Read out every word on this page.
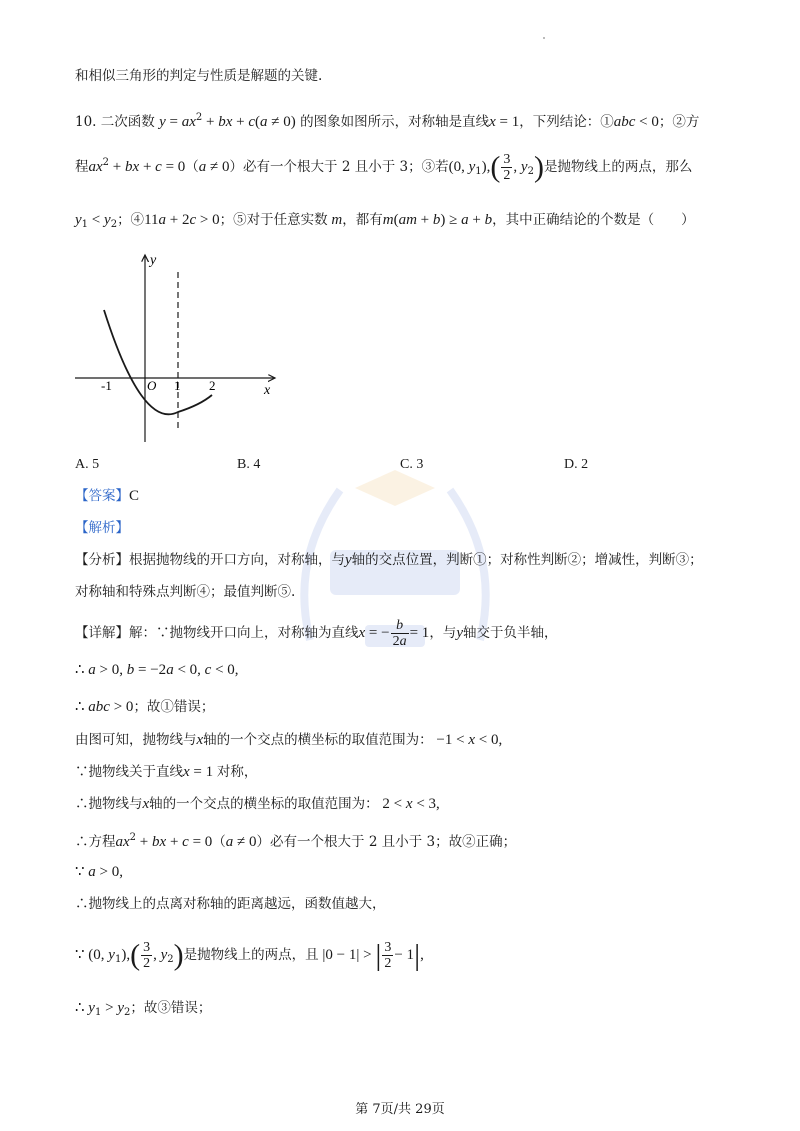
和相似三角形的判定与性质是解题的关键.
10. 二次函数 $y = ax^2$ + bx + c(a ≠ 0) 的图象如图所示，对称轴是直线x = 1，下列结论：①abc < 0；②方
程$ax^2$ + bx + c = 0（a ≠ 0）必有一个根大于 2 且小于 3；③若(0, $y_1),( \frac{3}{2}$ , $y_2$)是抛物线上的两点，那么
$y_1 < y_2$；④11a + 2c > 0；⑤对于任意实数 m，都有m(am + b) ≥ a + b，其中正确结论的个数是（　　）
y
x
O
-1	1 2
A. 5	B. 4	C. 3	D. 2
【答案】C
【解析】
【分析】根据抛物线的开口方向，对称轴，与y轴的交点位置，判断①；对称性判断②；增减性，判断③；
对称轴和特殊点判断④；最值判断⑤.
【详解】解：∵抛物线开口向上，对称轴为直线x = − $\frac{b}{2a} = 1$，与y轴交于负半轴，
∴ a > 0, b = −2a < 0, c < 0,
∴ abc > 0；故①错误；
由图可知，抛物线与x轴的一个交点的横坐标的取值范围为： −1 < x < 0,
∵抛物线关于直线x = 1 对称，
∴抛物线与x轴的一个交点的横坐标的取值范围为： 2 < x < 3,
∴方程$ax^2$ + bx + c = 0（a ≠ 0）必有一个根大于 2 且小于 3；故②正确；
∵ a > 0,
∴抛物线上的点离对称轴的距离越远，函数值越大，
∵ (0, $y_1),( \frac{3}{2}$ , $y_2$)是抛物线上的两点，且 |0 − 1| > | $\frac{3}{2} - 1|$,
∴ $y_1 > y_2$；故③错误；
第 7页/共 29页
